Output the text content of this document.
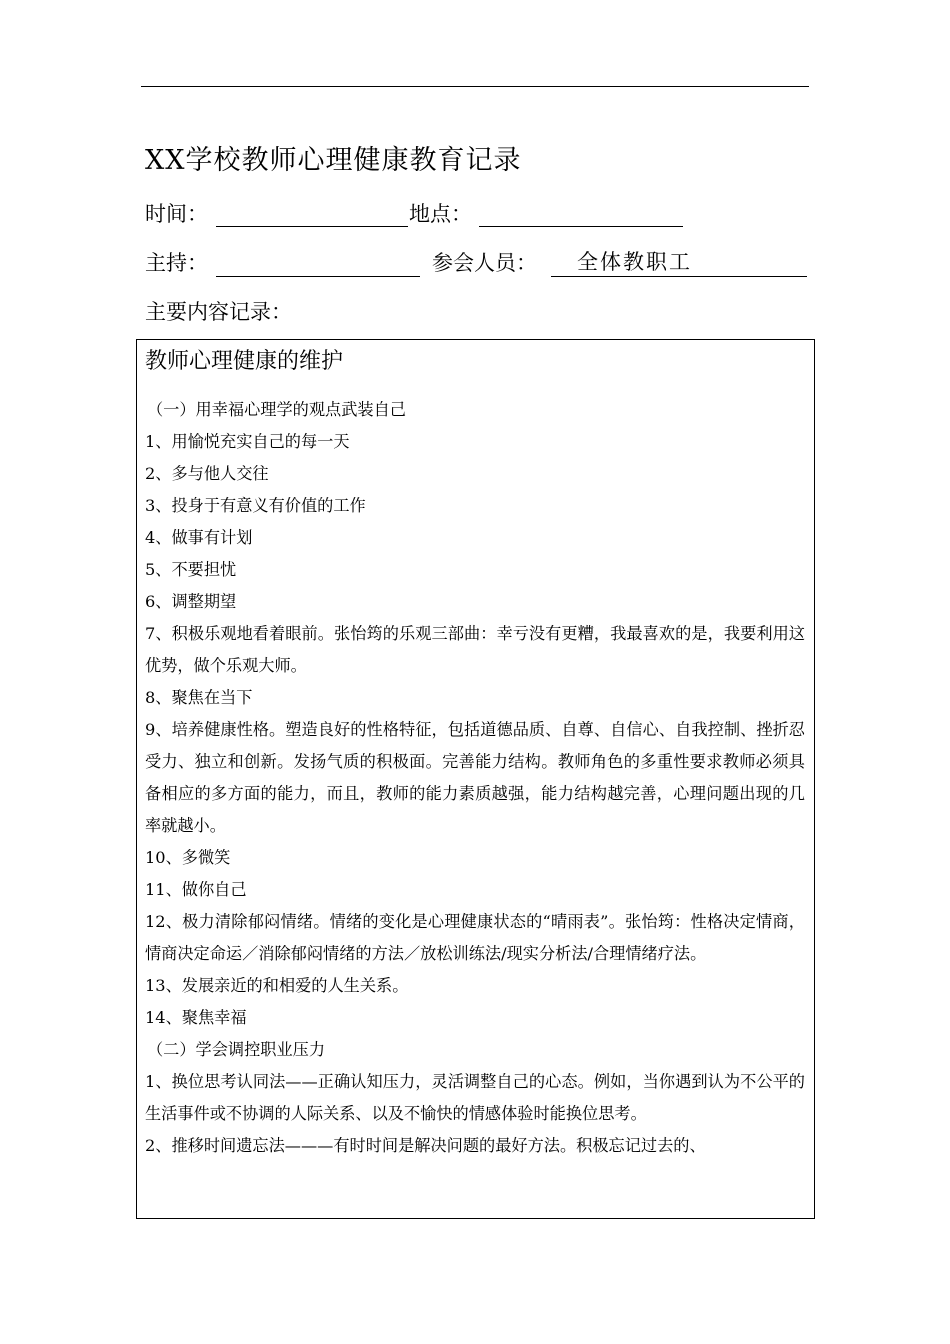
XX学校教师心理健康教育记录
时间：	地点：
主持：	参会人员： 全体教职工
主要内容记录：
教师心理健康的维护

（一）用幸福心理学的观点武装自己

1、用愉悦充实自己的每一天

2、多与他人交往

3、投身于有意义有价值的工作

4、做事有计划

5、不要担忧

6、调整期望

7、积极乐观地看着眼前。张怡筠的乐观三部曲：幸亏没有更糟，我最喜欢的是，我要利用这优势，做个乐观大师。

8、聚焦在当下

9、培养健康性格。塑造良好的性格特征，包括道德品质、自尊、自信心、自我控制、挫折忍受力、独立和创新。发扬气质的积极面。完善能力结构。教师角色的多重性要求教师必须具备相应的多方面的能力，而且，教师的能力素质越强，能力结构越完善，心理问题出现的几率就越小。

10、多微笑

11、做你自己

12、极力清除郁闷情绪。情绪的变化是心理健康状态的“晴雨表”。张怡筠：性格决定情商，情商决定命运／消除郁闷情绪的方法／放松训练法/现实分析法/合理情绪疗法。

13、发展亲近的和相爱的人生关系。

14、聚焦幸福

（二）学会调控职业压力

1、换位思考认同法——正确认知压力，灵活调整自己的心态。例如，当你遇到认为不公平的生活事件或不协调的人际关系、以及不愉快的情感体验时能换位思考。

2、推移时间遗忘法———有时时间是解决问题的最好方法。积极忘记过去的、
